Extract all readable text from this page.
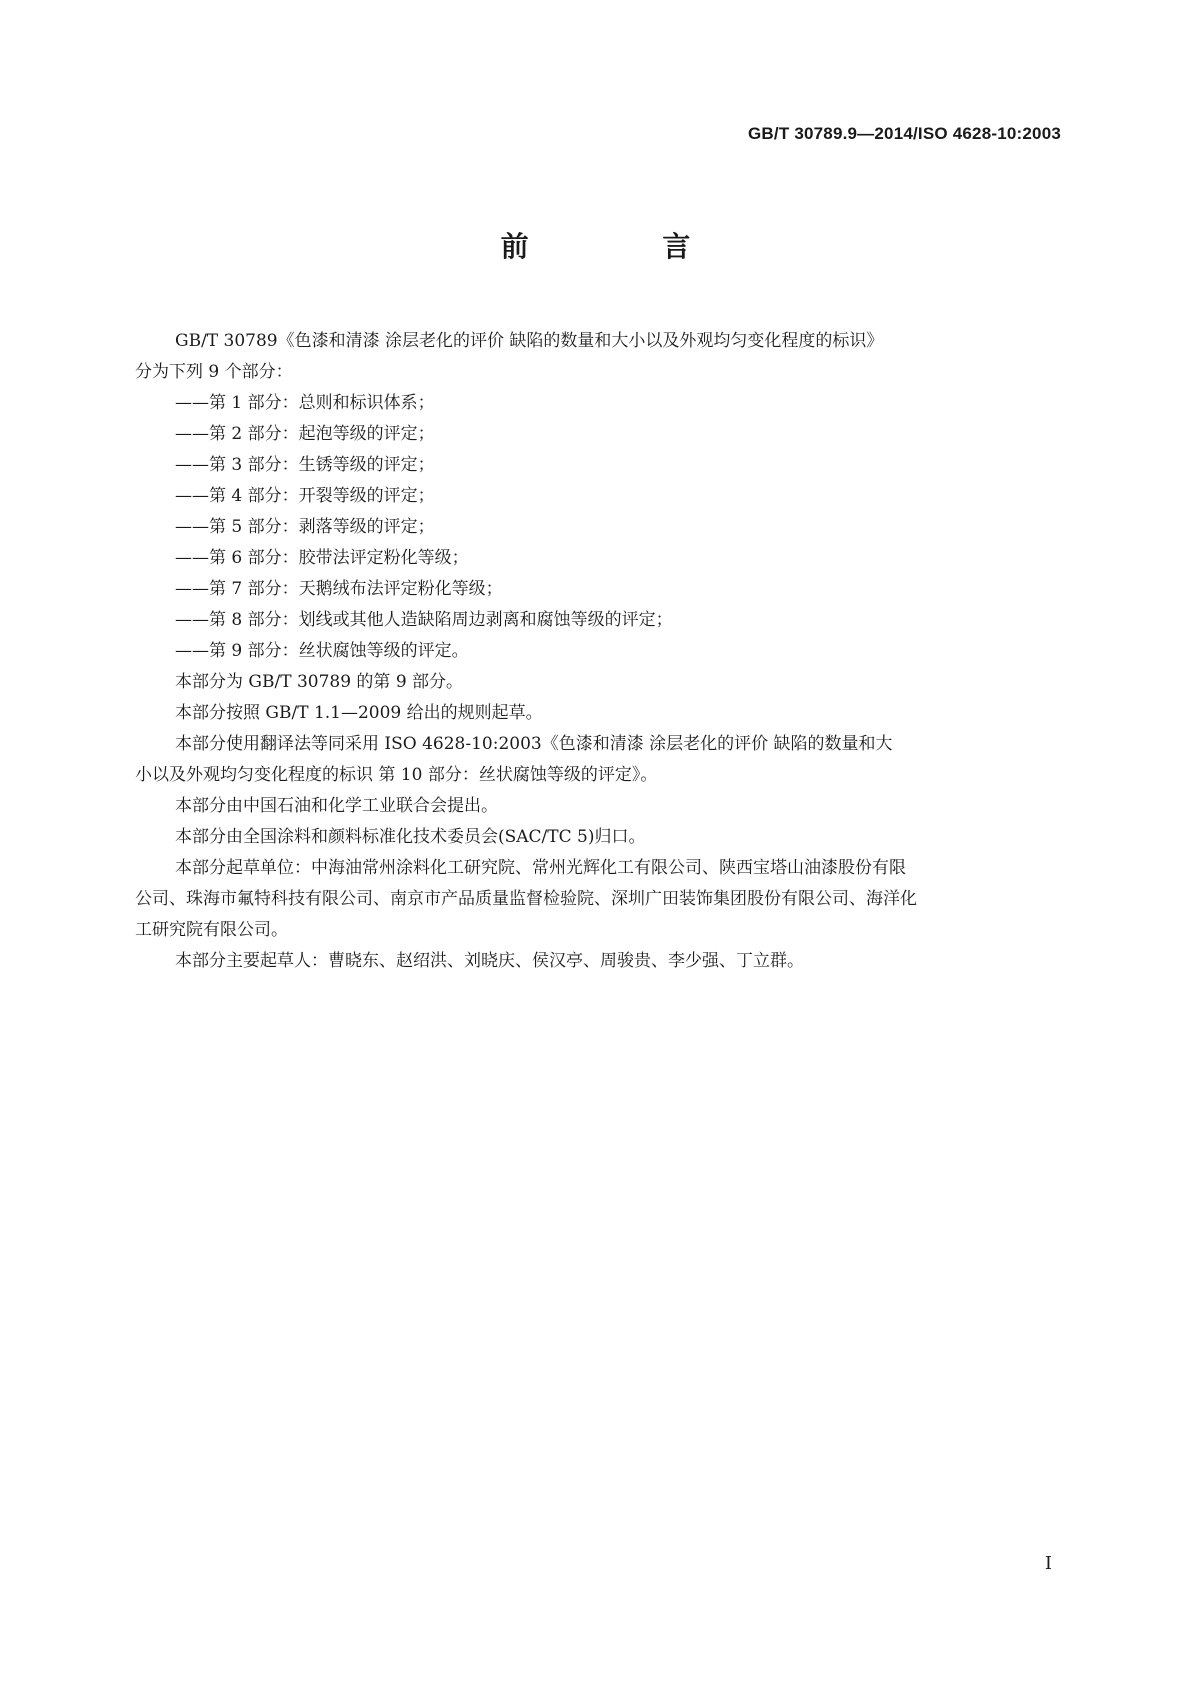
GB/T 30789.9—2014/ISO 4628-10:2003
前 言

GB/T 30789《色漆和清漆 涂层老化的评价 缺陷的数量和大小以及外观均匀变化程度的标识》

分为下列 9 个部分：

——第 1 部分：总则和标识体系；

——第 2 部分：起泡等级的评定；

——第 3 部分：生锈等级的评定；

——第 4 部分：开裂等级的评定；

——第 5 部分：剥落等级的评定；

——第 6 部分：胶带法评定粉化等级；

——第 7 部分：天鹅绒布法评定粉化等级；

——第 8 部分：划线或其他人造缺陷周边剥离和腐蚀等级的评定；

——第 9 部分：丝状腐蚀等级的评定。

本部分为 GB/T 30789 的第 9 部分。

本部分按照 GB/T 1.1—2009 给出的规则起草。

本部分使用翻译法等同采用 ISO 4628-10:2003《色漆和清漆 涂层老化的评价 缺陷的数量和大

小以及外观均匀变化程度的标识 第 10 部分：丝状腐蚀等级的评定》。

本部分由中国石油和化学工业联合会提出。

本部分由全国涂料和颜料标准化技术委员会(SAC/TC 5)归口。

本部分起草单位：中海油常州涂料化工研究院、常州光辉化工有限公司、陕西宝塔山油漆股份有限

公司、珠海市氟特科技有限公司、南京市产品质量监督检验院、深圳广田装饰集团股份有限公司、海洋化

工研究院有限公司。

本部分主要起草人：曹晓东、赵绍洪、刘晓庆、侯汉亭、周骏贵、李少强、丁立群。

I
